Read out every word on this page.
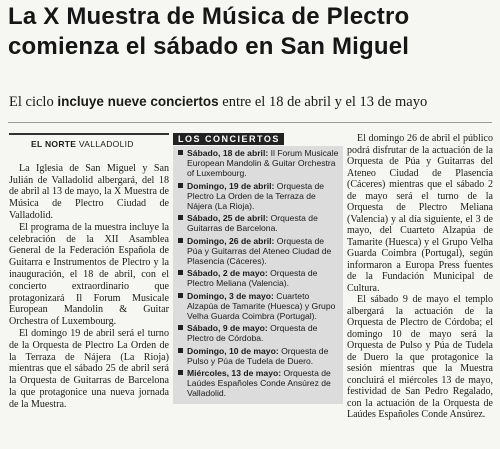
La X Muestra de Música de Plectro
comienza el sábado en San Miguel
El ciclo incluye nueve conciertos entre el 18 de abril y el 13 de mayo
EL NORTE VALLADOLID

La Iglesia de San Miguel y San Julián de Valladolid albergará, del 18 de abril al 13 de mayo, la X Muestra de Música de Plectro Ciudad de Valladolid.

El programa de la muestra incluye la celebración de la XII Asamblea General de la Federación Española de Guitarra e Instrumentos de Plectro y la inauguración, el 18 de abril, con el concierto extraordinario que protagonizará Il Forum Musicale European Mandolin & Guitar Orchestra of Luxembourg.

El domingo 19 de abril será el turno de la Orquesta de Plectro La Orden de la Terraza de Nájera (La Rioja) mientras que el sábado 25 de abril será la Orquesta de Guitarras de Barcelona la que protagonice una nueva jornada de la Muestra.

LOS CONCIERTOS
Sábado, 18 de abril: Il Forum Musicale European Mandolin & Guitar Orchestra of Luxembourg.
Domingo, 19 de abril: Orquesta de Plectro La Orden de la Terraza de Nájera (La Rioja).
Sábado, 25 de abril: Orquesta de Guitarras de Barcelona.
Domingo, 26 de abril: Orquesta de Púa y Guitarras del Ateneo Ciudad de Plasencia (Cáceres).
Sábado, 2 de mayo: Orquesta de Plectro Meliana (Valencia).
Domingo, 3 de mayo: Cuarteto Alzapúa de Tamarite (Huesca) y Grupo Velha Guarda Coimbra (Portugal).
Sábado, 9 de mayo: Orquesta de Plectro de Córdoba.
Domingo, 10 de mayo: Orquesta de Pulso y Púa de Tudela de Duero.
Miércoles, 13 de mayo: Orquesta de Laúdes Españoles Conde Ansúrez de Valladolid.

El domingo 26 de abril el público podrá disfrutar de la actuación de la Orquesta de Púa y Guitarras del Ateneo Ciudad de Plasencia (Cáceres) mientras que el sábado 2 de mayo será el turno de la Orquesta de Plectro Meliana (Valencia) y al día siguiente, el 3 de mayo, del Cuarteto Alzapúa de Tamarite (Huesca) y el Grupo Velha Guarda Coimbra (Portugal), según informaron a Europa Press fuentes de la Fundación Municipal de Cultura.

El sábado 9 de mayo el templo albergará la actuación de la Orquesta de Plectro de Córdoba; el domingo 10 de mayo será la Orquesta de Pulso y Púa de Tudela de Duero la que protagonice la sesión mientras que la Muestra concluirá el miércoles 13 de mayo, festividad de San Pedro Regalado, con la actuación de la Orquesta de Laúdes Españoles Conde Ansúrez.
